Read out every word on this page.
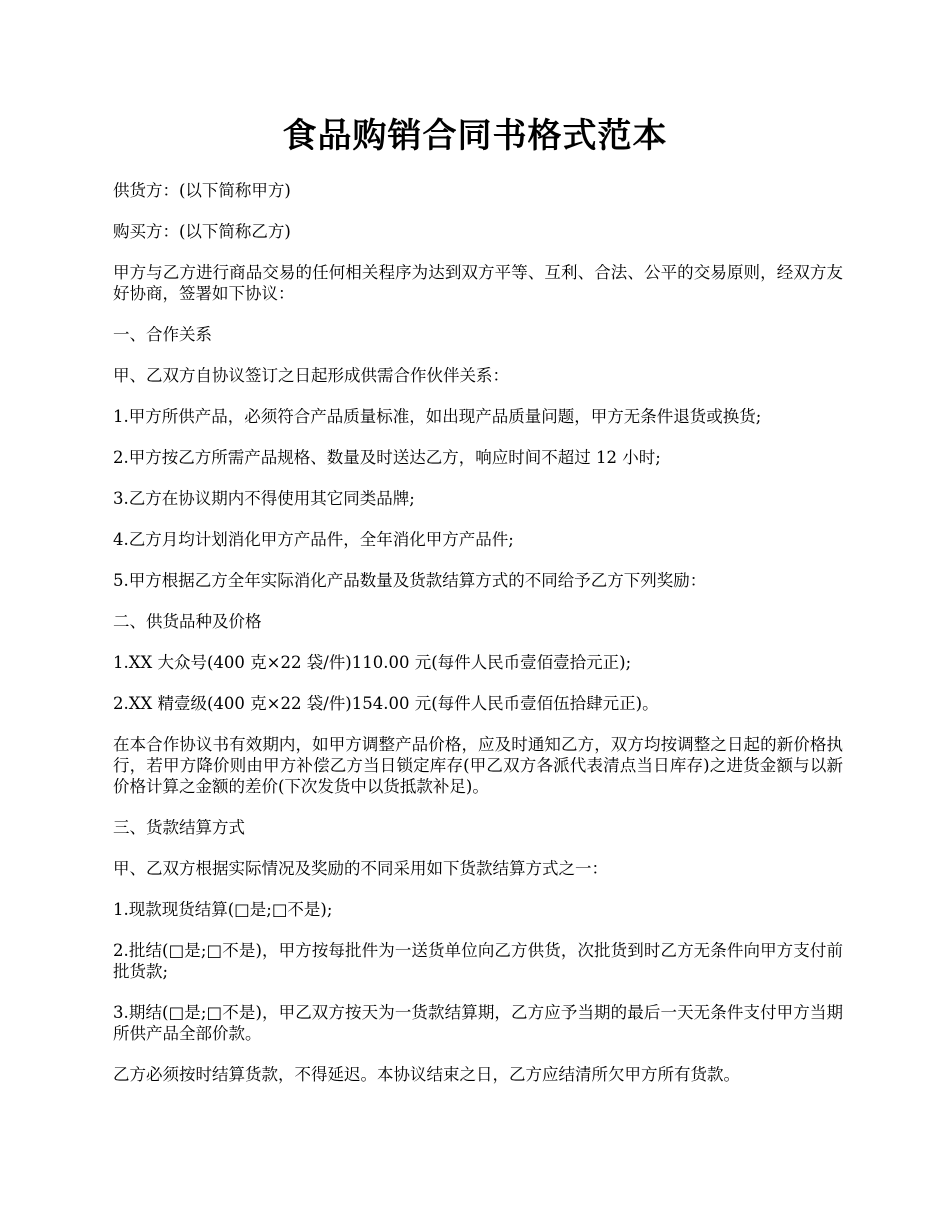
食品购销合同书格式范本

供货方：(以下简称甲方)

购买方：(以下简称乙方)

甲方与乙方进行商品交易的任何相关程序为达到双方平等、互利、合法、公平的交易原则，经双方友好协商，签署如下协议：

一、合作关系

甲、乙双方自协议签订之日起形成供需合作伙伴关系：

1.甲方所供产品，必须符合产品质量标准，如出现产品质量问题，甲方无条件退货或换货;

2.甲方按乙方所需产品规格、数量及时送达乙方，响应时间不超过 12 小时;

3.乙方在协议期内不得使用其它同类品牌;

4.乙方月均计划消化甲方产品件，全年消化甲方产品件;

5.甲方根据乙方全年实际消化产品数量及货款结算方式的不同给予乙方下列奖励：

二、供货品种及价格

1.XX 大众号(400 克×22 袋/件)110.00 元(每件人民币壹佰壹拾元正);

2.XX 精壹级(400 克×22 袋/件)154.00 元(每件人民币壹佰伍拾肆元正)。

在本合作协议书有效期内，如甲方调整产品价格，应及时通知乙方，双方均按调整之日起的新价格执行，若甲方降价则由甲方补偿乙方当日锁定库存(甲乙双方各派代表清点当日库存)之进货金额与以新价格计算之金额的差价(下次发货中以货抵款补足)。

三、货款结算方式

甲、乙双方根据实际情况及奖励的不同采用如下货款结算方式之一：

1.现款现货结算(□是;□不是);

2.批结(□是;□不是)，甲方按每批件为一送货单位向乙方供货，次批货到时乙方无条件向甲方支付前批货款;

3.期结(□是;□不是)，甲乙双方按天为一货款结算期，乙方应予当期的最后一天无条件支付甲方当期所供产品全部价款。

乙方必须按时结算货款，不得延迟。本协议结束之日，乙方应结清所欠甲方所有货款。
